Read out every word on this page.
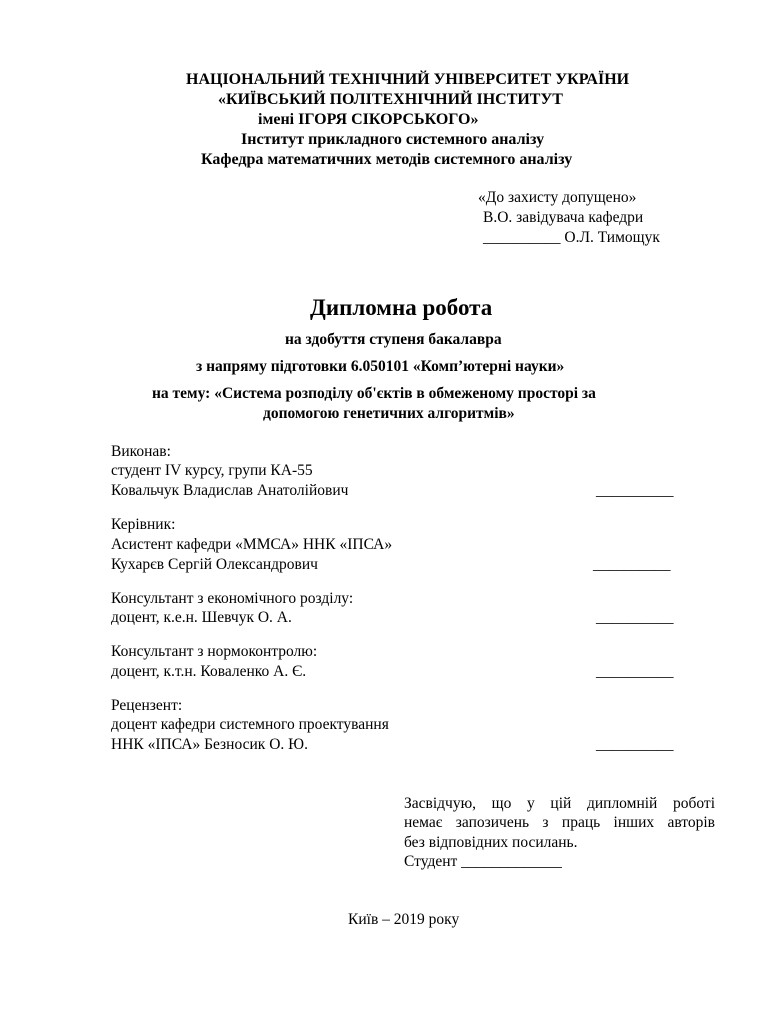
НАЦІОНАЛЬНИЙ ТЕХНІЧНИЙ УНІВЕРСИТЕТ УКРАЇНИ
«КИЇВСЬКИЙ ПОЛІТЕХНІЧНИЙ ІНСТИТУТ
імені ІГОРЯ СІКОРСЬКОГО»
Інститут прикладного системного аналізу
Кафедра математичних методів системного аналізу
«До захисту допущено»
В.О. завідувача кафедри
__________ О.Л. Тимощук
Дипломна робота
на здобуття ступеня бакалавра
з напряму підготовки 6.050101 «Комп’ютерні науки»
на тему: «Система розподілу об'єктів в обмеженому просторі за
допомогою генетичних алгоритмів»
Виконав:
студент IV курсу, групи КА-55
Ковальчук Владислав Анатолійович	__________
Керівник:
Асистент кафедри «ММСА» ННК «ІПСА»
Кухарєв Сергій Олександрович	__________
Консультант з економічного розділу:
доцент, к.е.н. Шевчук О. А.	__________
Консультант з нормоконтролю:
доцент, к.т.н. Коваленко А. Є.	__________
Рецензент:
доцент кафедри системного проектування
ННК «ІПСА» Безносик О. Ю.	__________
Засвідчую, що у цій дипломній роботі
немає запозичень з праць інших авторів
без відповідних посилань.
Студент _____________
Київ – 2019 року
